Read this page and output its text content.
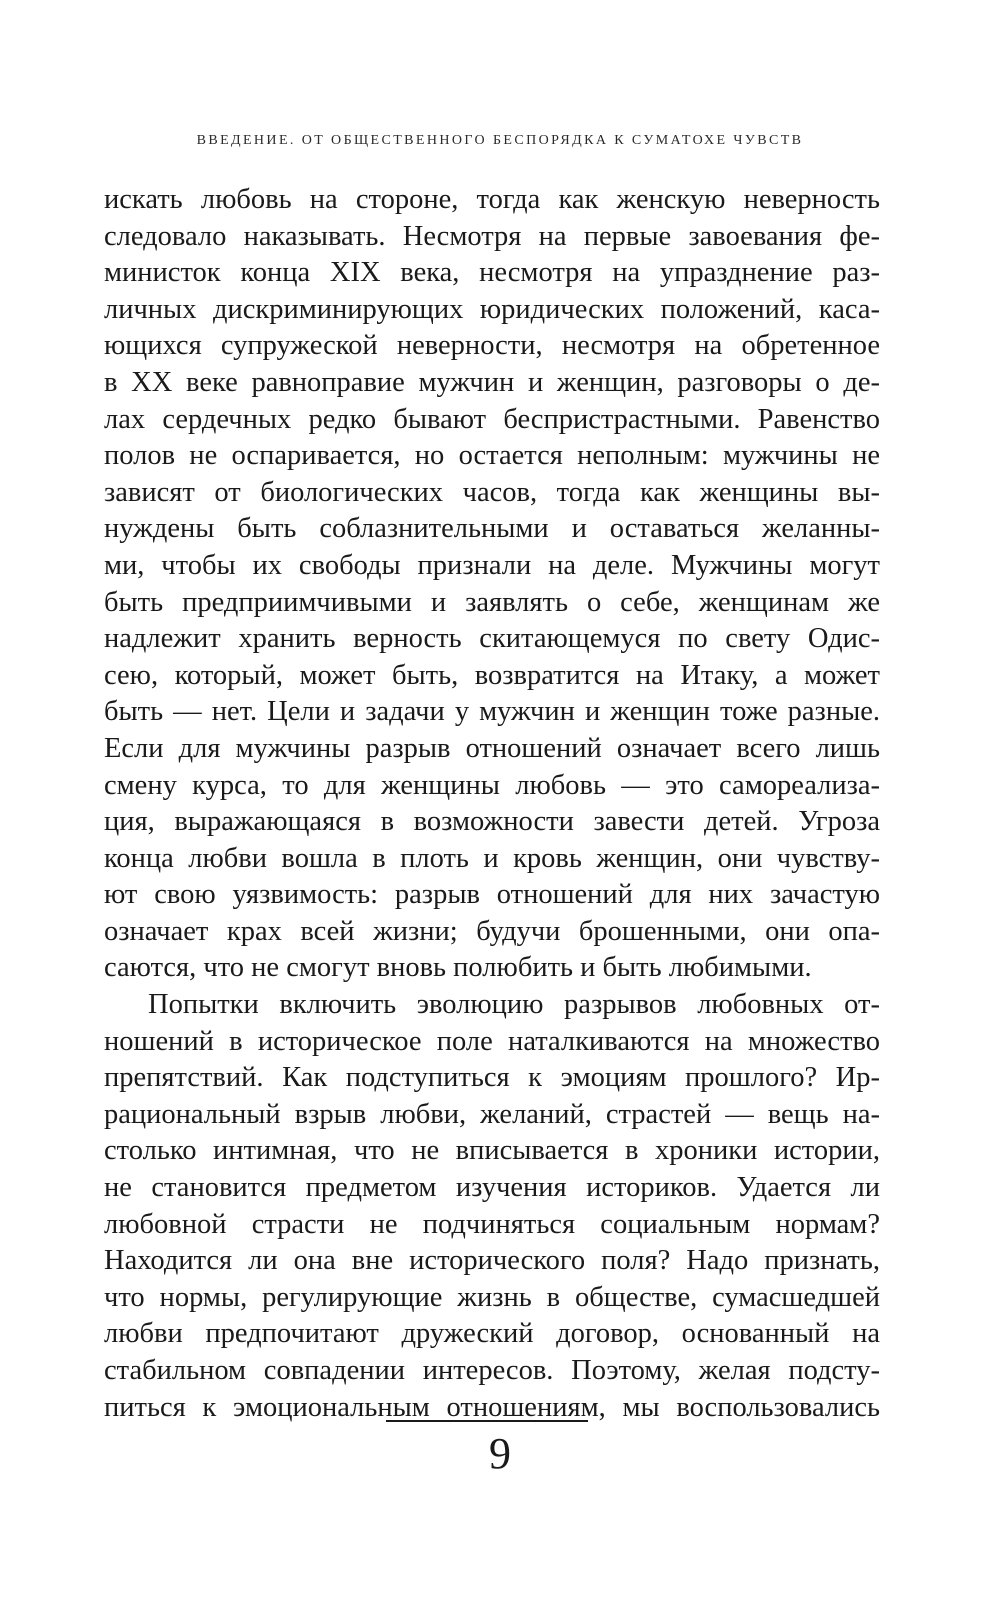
ВВЕДЕНИЕ. ОТ ОБЩЕСТВЕННОГО БЕСПОРЯДКА К СУМАТОХЕ ЧУВСТВ
искать любовь на стороне, тогда как женскую неверность
следовало наказывать. Несмотря на первые завоевания фе-
министок конца XIX века, несмотря на упразднение раз-
личных дискриминирующих юридических положений, каса-
ющихся супружеской неверности, несмотря на обретенное
в XX веке равноправие мужчин и женщин, разговоры о де-
лах сердечных редко бывают беспристрастными. Равенство
полов не оспаривается, но остается неполным: мужчины не
зависят от биологических часов, тогда как женщины вы-
нуждены быть соблазнительными и оставаться желанны-
ми, чтобы их свободы признали на деле. Мужчины могут
быть предприимчивыми и заявлять о себе, женщинам же
надлежит хранить верность скитающемуся по свету Одис-
сею, который, может быть, возвратится на Итаку, а может
быть — нет. Цели и задачи у мужчин и женщин тоже разные.
Если для мужчины разрыв отношений означает всего лишь
смену курса, то для женщины любовь — это самореализа-
ция, выражающаяся в возможности завести детей. Угроза
конца любви вошла в плоть и кровь женщин, они чувству-
ют свою уязвимость: разрыв отношений для них зачастую
означает крах всей жизни; будучи брошенными, они опа-
саются, что не смогут вновь полюбить и быть любимыми.
Попытки включить эволюцию разрывов любовных от-
ношений в историческое поле наталкиваются на множество
препятствий. Как подступиться к эмоциям прошлого? Ир-
рациональный взрыв любви, желаний, страстей — вещь на-
столько интимная, что не вписывается в хроники истории,
не становится предметом изучения историков. Удается ли
любовной страсти не подчиняться социальным нормам?
Находится ли она вне исторического поля? Надо признать,
что нормы, регулирующие жизнь в обществе, сумасшедшей
любви предпочитают дружеский договор, основанный на
стабильном совпадении интересов. Поэтому, желая подсту-
питься к эмоциональным отношениям, мы воспользовались
9
